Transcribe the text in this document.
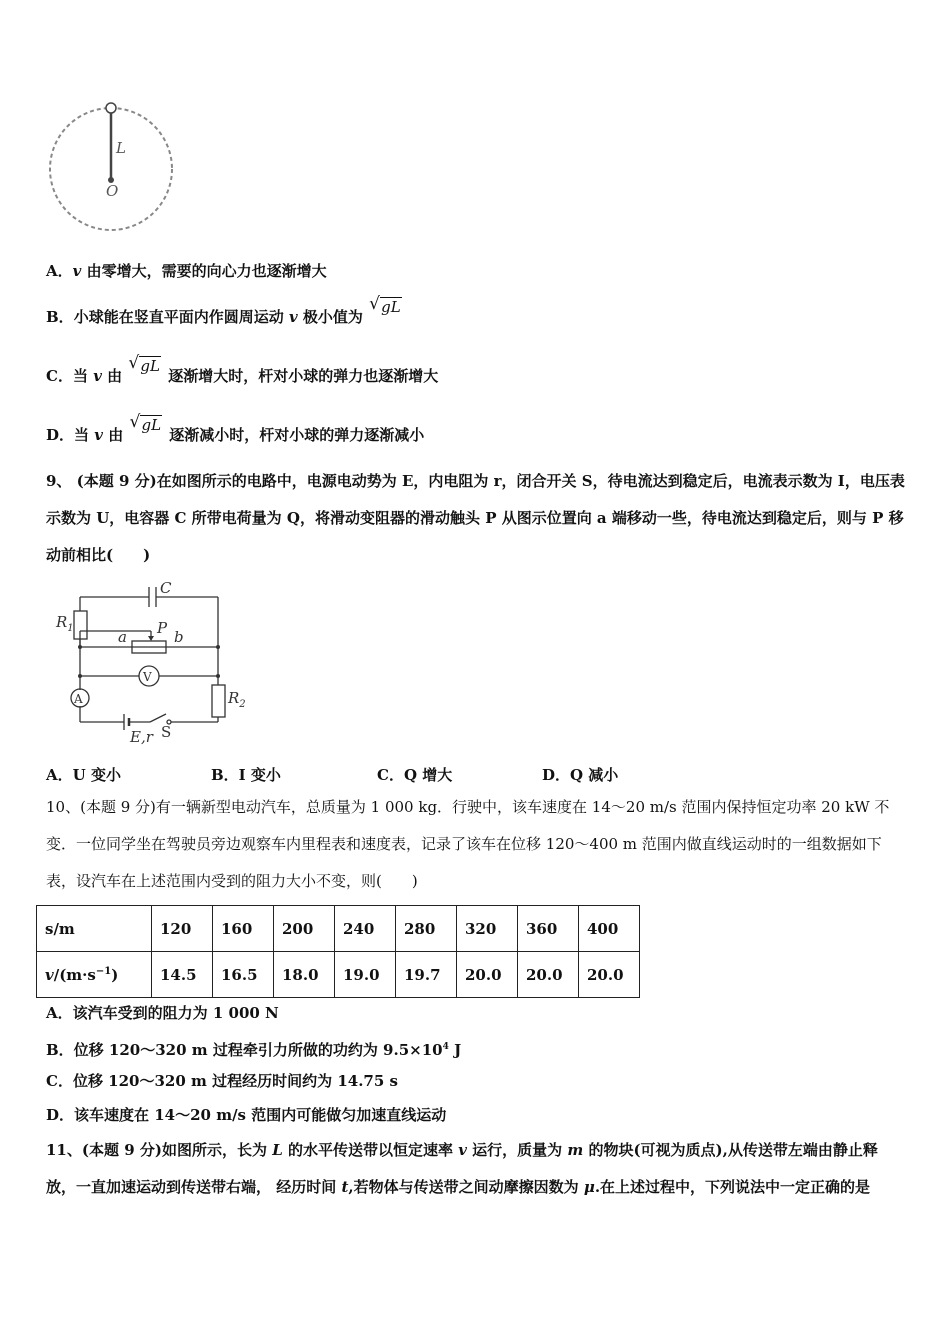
L
O
A．v 由零增大，需要的向心力也逐渐增大
B．小球能在竖直平面内作圆周运动 v 极小值为 √ gL
C．当 v 由 √ gL 逐渐增大时，杆对小球的弹力也逐渐增大
D．当 v 由 √ gL 逐渐减小时，杆对小球的弹力逐渐减小
9、 (本题 9 分)在如图所示的电路中，电源电动势为 E，内电阻为 r，闭合开关 S，待电流达到稳定后，电流表示数为 I，电压表示数为 U，电容器 C 所带电荷量为 Q，将滑动变阻器的滑动触头 P 从图示位置向 a 端移动一些，待电流达到稳定后，则与 P 移动前相比(　　)
C
$R_1$	a P b
V
A	$R_2$
E,r S
A．U 变小	B．I 变小	C．Q 增大	D．Q 减小
10、(本题 9 分)有一辆新型电动汽车，总质量为 1 000 kg．行驶中，该车速度在 14～20 m/s 范围内保持恒定功率 20 kW 不变．一位同学坐在驾驶员旁边观察车内里程表和速度表，记录了该车在位移 120～400 m 范围内做直线运动时的一组数据如下表，设汽车在上述范围内受到的阻力大小不变，则(　　)
s/m	120	160	200	240	280	320	360	400
$v/(m\cdot s^{-1})$	14.5	16.5	18.0	19.0	19.7	20.0	20.0	20.0
A．该汽车受到的阻力为 1 000 N
B．位移 120～320 m 过程牵引力所做的功约为 $9.5\times 10^4$ J
C．位移 120～320 m 过程经历时间约为 14.75 s
D．该车速度在 14～20 m/s 范围内可能做匀加速直线运动
11、(本题 9 分)如图所示，长为 L 的水平传送带以恒定速率 v 运行，质量为 m 的物块(可视为质点),从传送带左端由静止释放，一直加速运动到传送带右端， 经历时间 t,若物体与传送带之间动摩擦因数为 μ.在上述过程中，下列说法中一定正确的是
